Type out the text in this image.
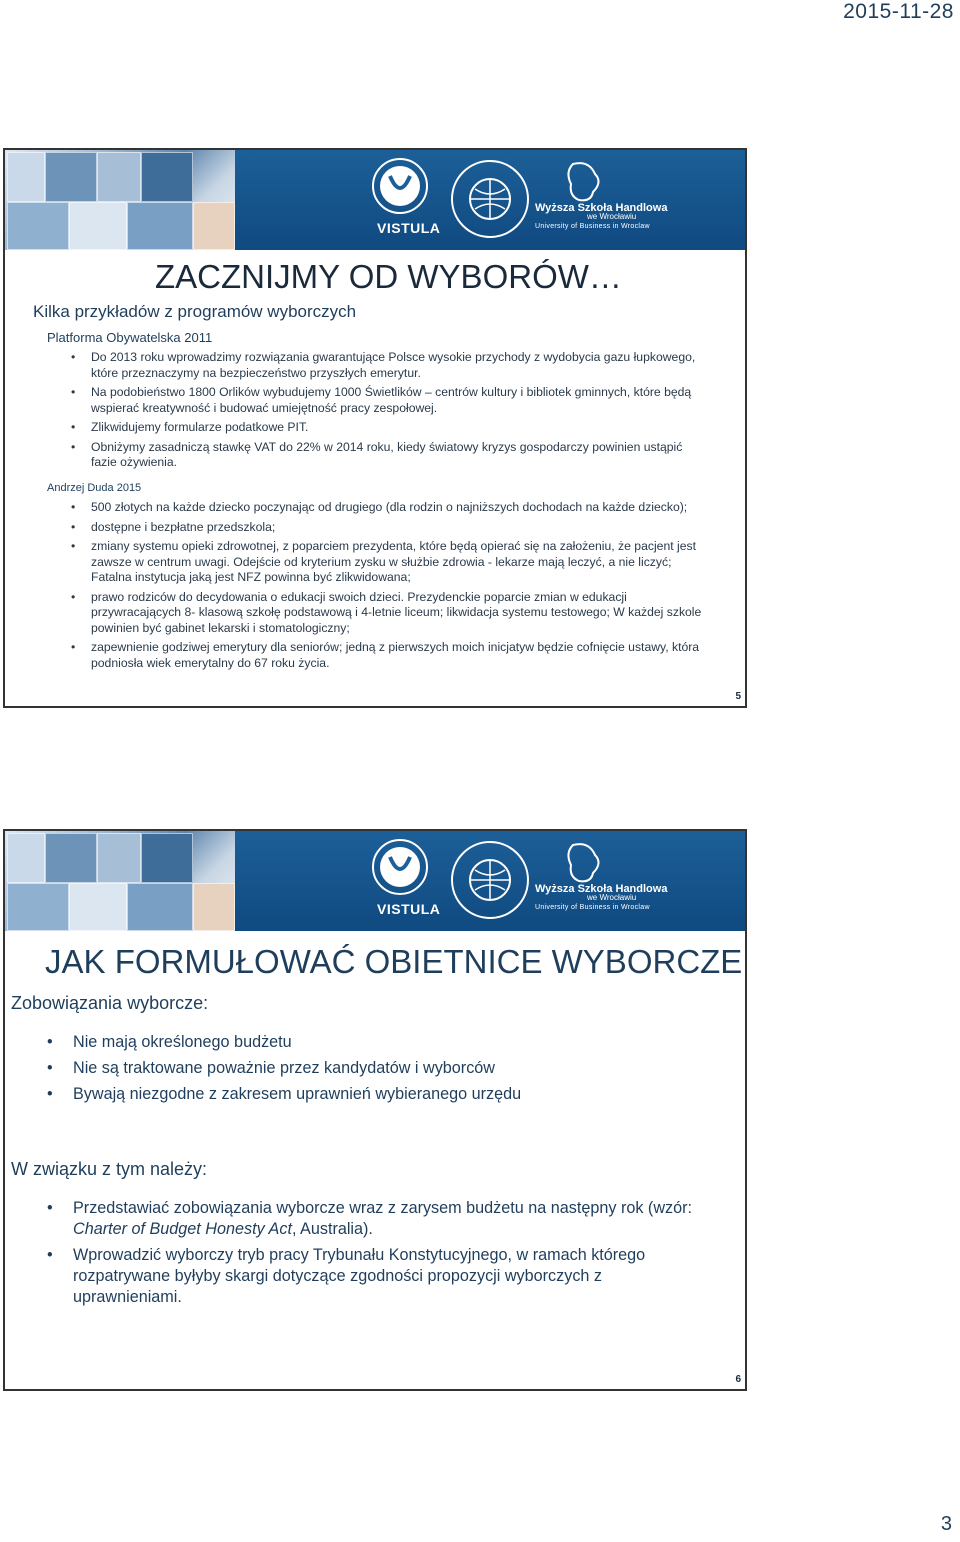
2015-11-28
VISTULA
Wyższa Szkoła Handlowa
we Wrocławiu
University of Business in Wroclaw
ZACZNIJMY OD WYBORÓW…
Kilka przykładów z programów wyborczych
Platforma Obywatelska 2011
• Do 2013 roku wprowadzimy rozwiązania gwarantujące Polsce wysokie przychody z wydobycia gazu łupkowego, które przeznaczymy na bezpieczeństwo przyszłych emerytur.
• Na podobieństwo 1800 Orlików wybudujemy 1000 Świetlików – centrów kultury i bibliotek gminnych, które będą wspierać kreatywność i budować umiejętność pracy zespołowej.
• Zlikwidujemy formularze podatkowe PIT.
• Obniżymy zasadniczą stawkę VAT do 22% w 2014 roku, kiedy światowy kryzys gospodarczy powinien ustąpić fazie ożywienia.
Andrzej Duda 2015
• 500 złotych na każde dziecko poczynając od drugiego (dla rodzin o najniższych dochodach na każde dziecko);
• dostępne i bezpłatne przedszkola;
• zmiany systemu opieki zdrowotnej, z poparciem prezydenta, które będą opierać się na założeniu, że pacjent jest zawsze w centrum uwagi. Odejście od kryterium zysku w służbie zdrowia - lekarze mają leczyć, a nie liczyć; Fatalna instytucja jaką jest NFZ powinna być zlikwidowana;
• prawo rodziców do decydowania o edukacji swoich dzieci. Prezydenckie poparcie zmian w edukacji przywracających 8- klasową szkołę podstawową i 4-letnie liceum; likwidacja systemu testowego; W każdej szkole powinien być gabinet lekarski i stomatologiczny;
• zapewnienie godziwej emerytury dla seniorów; jedną z pierwszych moich inicjatyw będzie cofnięcie ustawy, która podniosła wiek emerytalny do 67 roku życia.
5
VISTULA
Wyższa Szkoła Handlowa
we Wrocławiu
University of Business in Wroclaw
JAK FORMUŁOWAĆ OBIETNICE WYBORCZE
Zobowiązania wyborcze:
• Nie mają określonego budżetu
• Nie są traktowane poważnie przez kandydatów i wyborców
• Bywają niezgodne z zakresem uprawnień wybieranego urzędu
W związku z tym należy:
• Przedstawiać zobowiązania wyborcze wraz z zarysem budżetu na następny rok (wzór: Charter of Budget Honesty Act, Australia).
• Wprowadzić wyborczy tryb pracy Trybunału Konstytucyjnego, w ramach którego rozpatrywane byłyby skargi dotyczące zgodności propozycji wyborczych z uprawnieniami.
6
3
